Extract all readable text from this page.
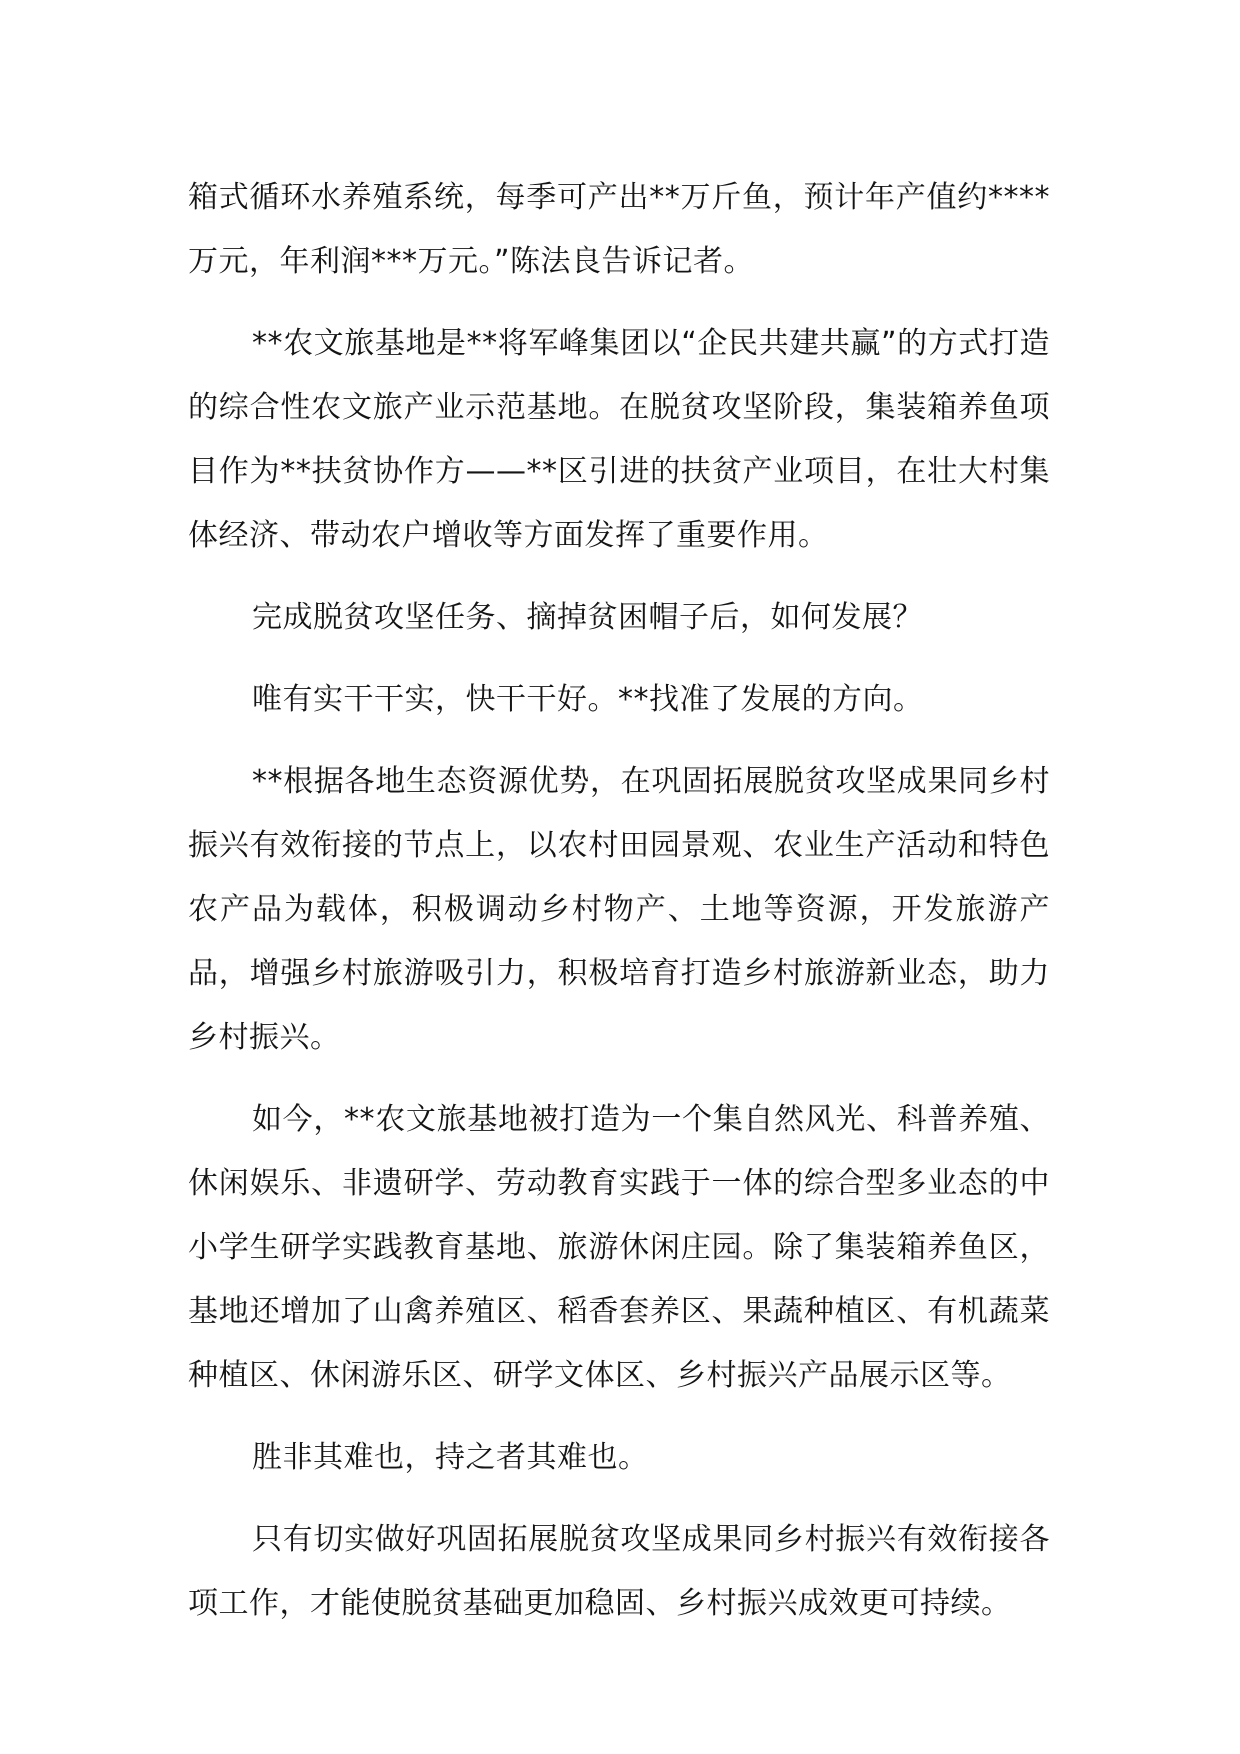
箱式循环水养殖系统，每季可产出**万斤鱼，预计年产值约****万元，年利润***万元。”陈法良告诉记者。

**农文旅基地是**将军峰集团以“企民共建共赢”的方式打造的综合性农文旅产业示范基地。在脱贫攻坚阶段，集装箱养鱼项目作为**扶贫协作方——**区引进的扶贫产业项目，在壮大村集体经济、带动农户增收等方面发挥了重要作用。

完成脱贫攻坚任务、摘掉贫困帽子后，如何发展？

唯有实干干实，快干干好。**找准了发展的方向。

**根据各地生态资源优势，在巩固拓展脱贫攻坚成果同乡村振兴有效衔接的节点上，以农村田园景观、农业生产活动和特色农产品为载体，积极调动乡村物产、土地等资源，开发旅游产品，增强乡村旅游吸引力，积极培育打造乡村旅游新业态，助力乡村振兴。

如今，**农文旅基地被打造为一个集自然风光、科普养殖、休闲娱乐、非遗研学、劳动教育实践于一体的综合型多业态的中小学生研学实践教育基地、旅游休闲庄园。除了集装箱养鱼区，基地还增加了山禽养殖区、稻香套养区、果蔬种植区、有机蔬菜种植区、休闲游乐区、研学文体区、乡村振兴产品展示区等。

胜非其难也，持之者其难也。

只有切实做好巩固拓展脱贫攻坚成果同乡村振兴有效衔接各项工作，才能使脱贫基础更加稳固、乡村振兴成效更可持续。
